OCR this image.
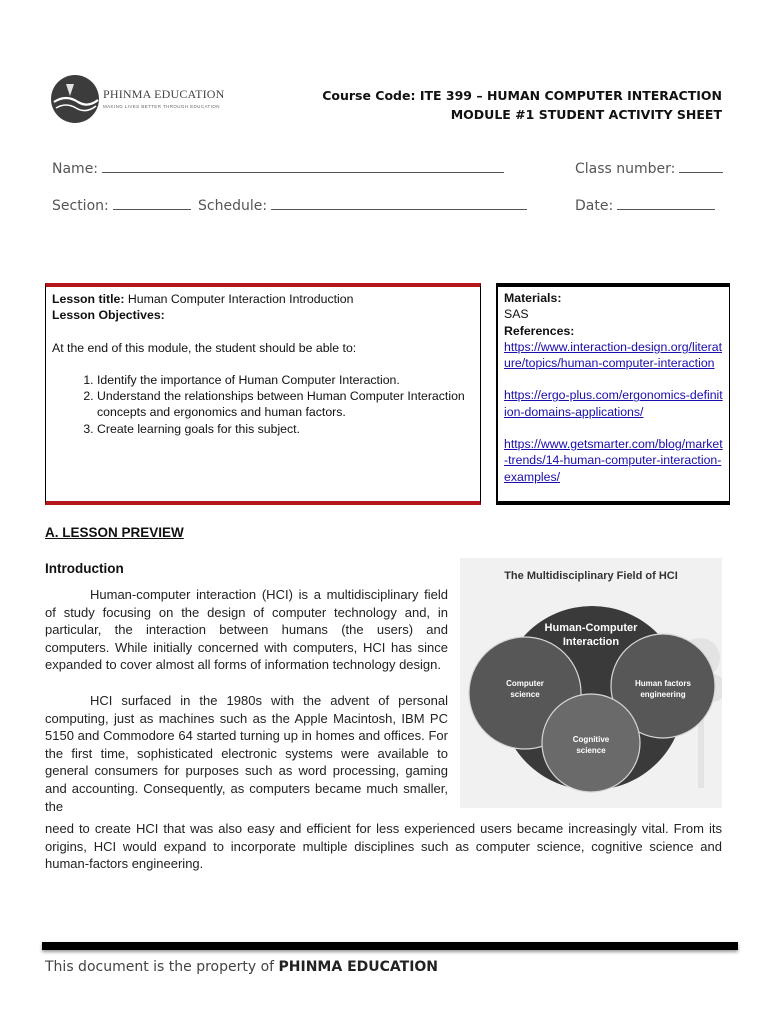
PHINMA EDUCATION
MAKING LIVES BETTER THROUGH EDUCATION
Course Code: ITE 399 – HUMAN COMPUTER INTERACTION
MODULE #1 STUDENT ACTIVITY SHEET
Name:	Class number:
Section:	Schedule:	Date:
Lesson title: Human Computer Interaction Introduction
Lesson Objectives:
At the end of this module, the student should be able to:
1. Identify the importance of Human Computer Interaction.
2. Understand the relationships between Human Computer Interaction concepts and ergonomics and human factors.
3. Create learning goals for this subject.
Materials:
SAS
References:
https://www.interaction-design.org/literature/topics/human-computer-interaction
https://ergo-plus.com/ergonomics-definition-domains-applications/
https://www.getsmarter.com/blog/market-trends/14-human-computer-interaction-examples/
A. LESSON PREVIEW
Introduction
Human-computer interaction (HCI) is a multidisciplinary field of study focusing on the design of computer technology and, in particular, the interaction between humans (the users) and computers. While initially concerned with computers, HCI has since expanded to cover almost all forms of information technology design.
HCI surfaced in the 1980s with the advent of personal computing, just as machines such as the Apple Macintosh, IBM PC 5150 and Commodore 64 started turning up in homes and offices. For the first time, sophisticated electronic systems were available to general consumers for purposes such as word processing, gaming and accounting. Consequently, as computers became much smaller, the
need to create HCI that was also easy and efficient for less experienced users became increasingly vital. From its origins, HCI would expand to incorporate multiple disciplines such as computer science, cognitive science and human-factors engineering.
The Multidisciplinary Field of HCI
Human-Computer
Interaction
Computer
science
Human factors
engineering
Cognitive
science
This document is the property of PHINMA EDUCATION
